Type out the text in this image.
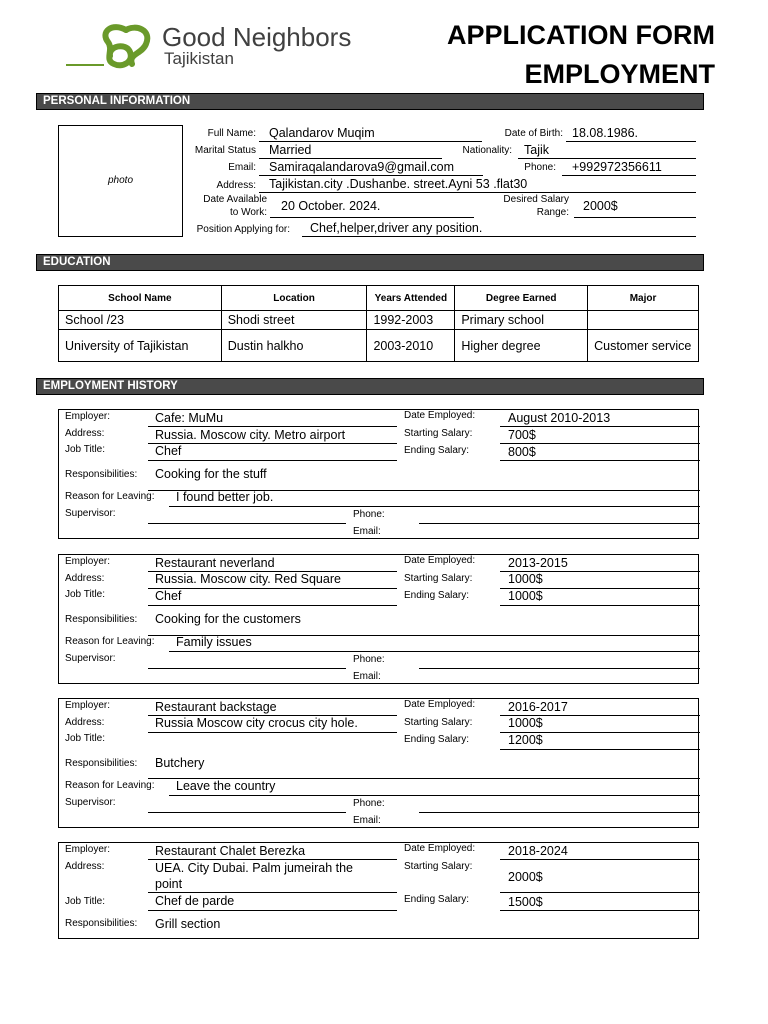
Good Neighbors
Tajikistan
APPLICATION FORM
EMPLOYMENT
PERSONAL INFORMATION
photo
Full Name: Qalandarov Muqim	Date of Birth: 18.08.1986.
Marital Status Married	Nationality: Tajik
Email: Samiraqalandarova9@gmail.com	Phone: +992972356611
Address: Tajikistan.city .Dushanbe. street.Ayni 53 .flat30
Date Available
to Work: 20 October. 2024.	Desired Salary
Range: 2000$
Position Applying for: Chef,helper,driver any position.
EDUCATION
School Name	Location	Years Attended	Degree Earned	Major
School /23	Shodi street	1992-2003	Primary school	
University of Tajikistan	Dustin halkho	2003-2010	Higher degree	Customer service
EMPLOYMENT HISTORY
Employer:	Cafe: MuMu	Date Employed:	August 2010-2013
Address:	Russia. Moscow city. Metro airport	Starting Salary:	700$
Job Title:	Chef	Ending Salary:	800$
Responsibilities: Cooking for the stuff
Reason for Leaving: I found better job.
Supervisor:	Phone:
Email:
Employer:	Restaurant neverland	Date Employed:	2013-2015
Address:	Russia. Moscow city. Red Square	Starting Salary:	1000$
Job Title:	Chef	Ending Salary:	1000$
Responsibilities: Cooking for the customers
Reason for Leaving: Family issues
Supervisor:	Phone:
Email:
Employer:	Restaurant backstage	Date Employed:	2016-2017
Address:	Russia Moscow city crocus city hole.	Starting Salary:	1000$
Job Title:	Ending Salary:	1200$
Responsibilities: Butchery
Reason for Leaving: Leave the country
Supervisor:	Phone:
Email:
Employer:	Restaurant Chalet Berezka	Date Employed:	2018-2024
Address:	UEA. City Dubai. Palm jumeirah the
point
Starting Salary:
2000$
Job Title:	Chef de parde	Ending Salary:	1500$
Responsibilities: Grill section
